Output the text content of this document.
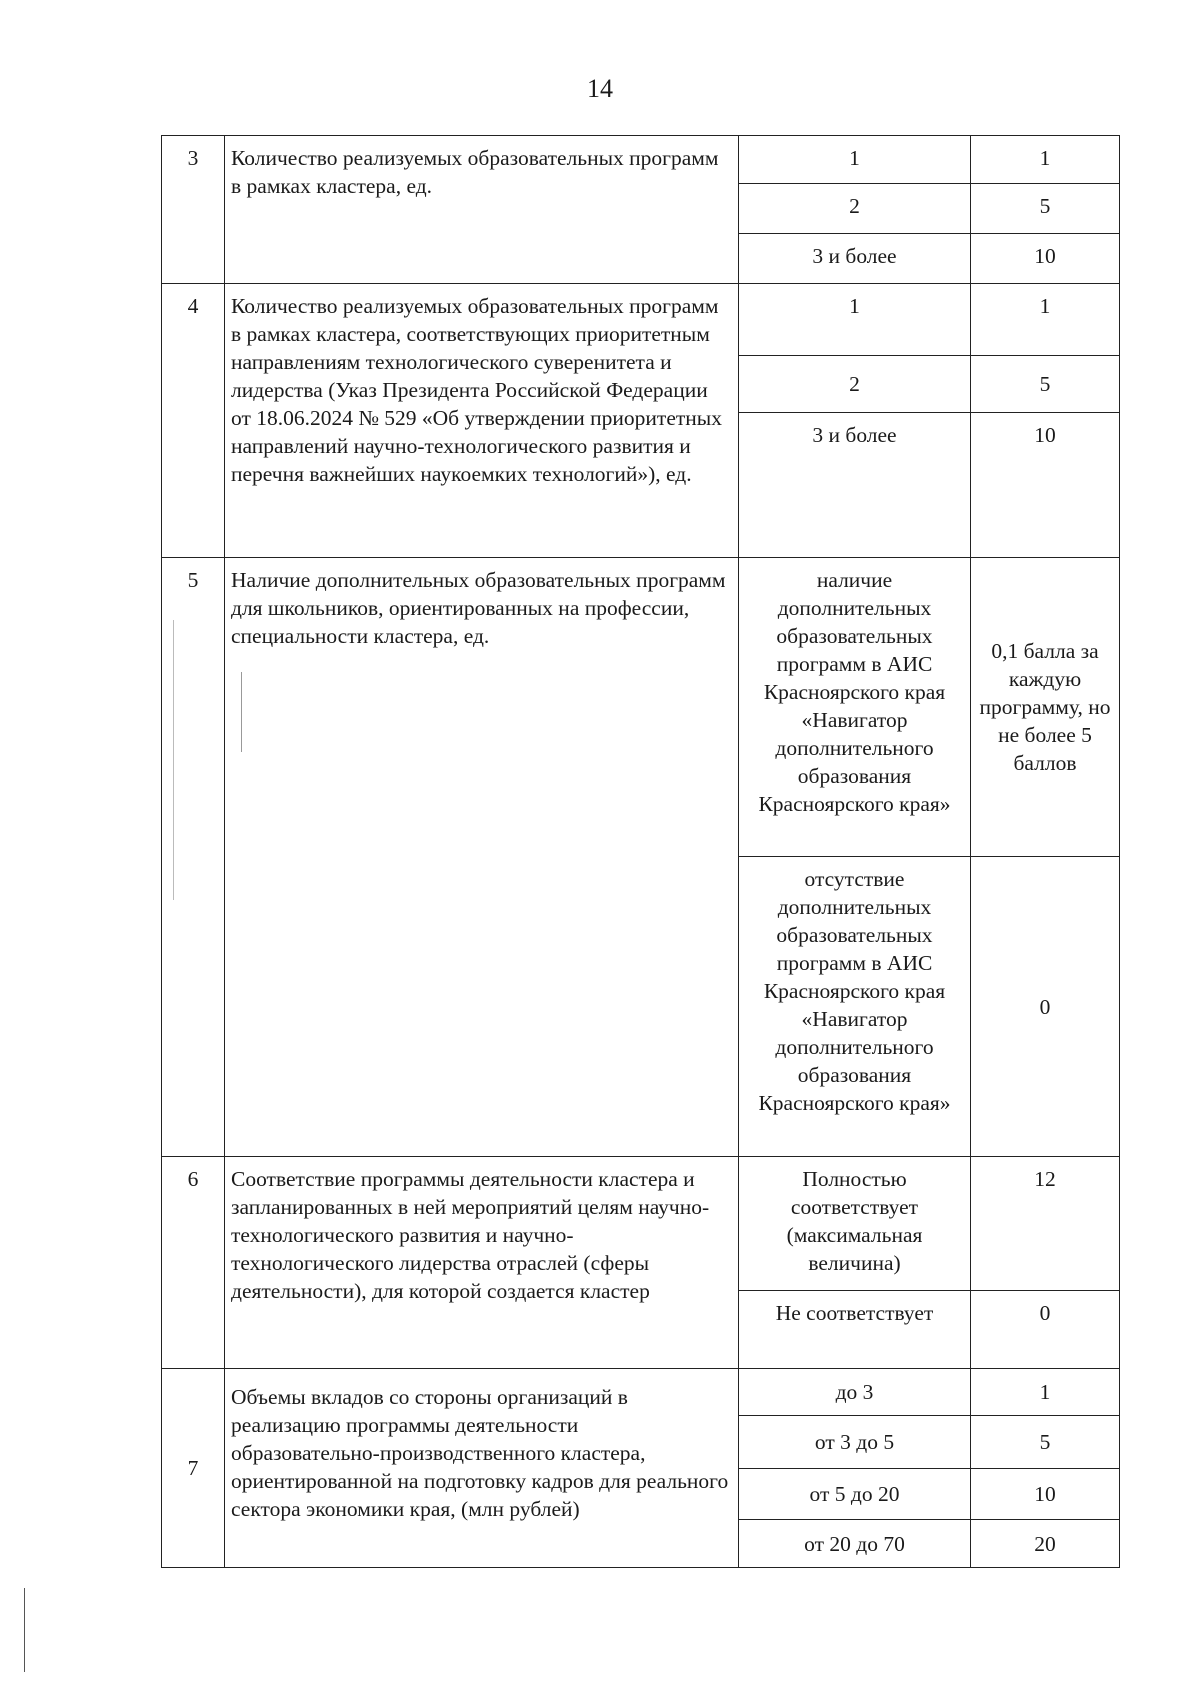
14
3	Количество реализуемых образовательных программ в рамках кластера, ед.	1	1
		2	5
		3 и более	10
4	Количество реализуемых образовательных программ в рамках кластера, соответствующих приоритетным направлениям технологического суверенитета и лидерства (Указ Президента Российской Федерации от 18.06.2024 № 529 «Об утверждении приоритетных направлений научно-технологического развития и перечня важнейших наукоемких технологий»), ед.	1	1
		2	5
		3 и более	10
5	Наличие дополнительных образовательных программ для школьников, ориентированных на профессии, специальности кластера, ед.	наличие дополнительных образовательных программ в АИС Красноярского края «Навигатор дополнительного образования Красноярского края»	0,1 балла за каждую программу, но не более 5 баллов
		отсутствие дополнительных образовательных программ в АИС Красноярского края «Навигатор дополнительного образования Красноярского края»	0
6	Соответствие программы деятельности кластера и запланированных в ней мероприятий целям научно-технологического развития и научно-технологического лидерства отраслей (сферы деятельности), для которой создается кластер	Полностью соответствует (максимальная величина)	12
		Не соответствует	0
7	Объемы вкладов со стороны организаций в реализацию программы деятельности образовательно-производственного кластера, ориентированной на подготовку кадров для реального сектора экономики края, (млн рублей)	до 3	1
		от 3 до 5	5
		от 5 до 20	10
		от 20 до 70	20
